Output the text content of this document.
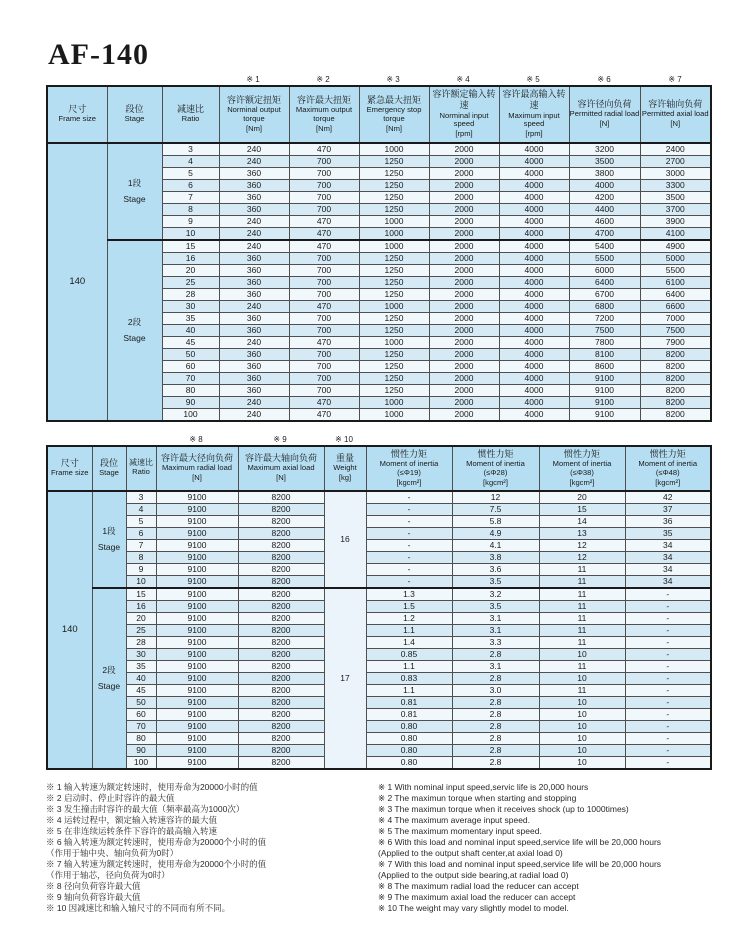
AF-140
※ 1	※ 2	※ 3	※ 4	※ 5	※ 6	※ 7
尺寸
Frame size

段位
Stage

减速比
Ratio

容许额定扭矩
Norminal output torque
[Nm]

容许最大扭矩
Maximum output torque
[Nm]

紧急最大扭矩
Emergency stop torque
[Nm]

容许额定输入转速
Norminal input speed
[rpm]

容许最高输入转速
Maximum input speed
[rpm]

容许径向负荷
Permitted radial load
[N]

容许轴向负荷
Permitted axial load
[N]

140	1段
Stage	3	240	470	1000	2000	4000	3200	2400
		4	240	700	1250	2000	4000	3500	2700
		5	360	700	1250	2000	4000	3800	3000
		6	360	700	1250	2000	4000	4000	3300
		7	360	700	1250	2000	4000	4200	3500
		8	360	700	1250	2000	4000	4400	3700
		9	240	470	1000	2000	4000	4600	3900
		10	240	470	1000	2000	4000	4700	4100

	2段
Stage	15	240	470	1000	2000	4000	5400	4900
		16	360	700	1250	2000	4000	5500	5000
		20	360	700	1250	2000	4000	6000	5500
		25	360	700	1250	2000	4000	6400	6100
		28	360	700	1250	2000	4000	6700	6400
		30	240	470	1000	2000	4000	6800	6600
		35	360	700	1250	2000	4000	7200	7000
		40	360	700	1250	2000	4000	7500	7500
		45	240	470	1000	2000	4000	7800	7900
		50	360	700	1250	2000	4000	8100	8200
		60	360	700	1250	2000	4000	8600	8200
		70	360	700	1250	2000	4000	9100	8200
		80	360	700	1250	2000	4000	9100	8200
		90	240	470	1000	2000	4000	9100	8200
		100	240	470	1000	2000	4000	9100	8200
※ 8	※ 9	※ 10
尺寸
Frame size

段位
Stage

减速比
Ratio

容许最大径向负荷
Maximum radial load
[N]

容许最大轴向负荷
Maximum axial load
[N]

重量
Weight
[kg]

惯性力矩
Moment of inertia
(≤Φ19)
[kgcm²]

惯性力矩
Moment of inertia
(≤Φ28)
[kgcm²]

惯性力矩
Moment of inertia
(≤Φ38)
[kgcm²]

惯性力矩
Moment of inertia
(≤Φ48)
[kgcm²]

140	1段
Stage	3	9100	8200	16	-	12	20	42
		4	9100	8200		-	7.5	15	37
		5	9100	8200		-	5.8	14	36
		6	9100	8200		-	4.9	13	35
		7	9100	8200		-	4.1	12	34
		8	9100	8200		-	3.8	12	34
		9	9100	8200		-	3.6	11	34
		10	9100	8200		-	3.5	11	34

	2段
Stage	15	9100	8200	17	1.3	3.2	11	-
		16	9100	8200		1.5	3.5	11	-
		20	9100	8200		1.2	3.1	11	-
		25	9100	8200		1.1	3.1	11	-
		28	9100	8200		1.4	3.3	11	-
		30	9100	8200		0.85	2.8	10	-
		35	9100	8200		1.1	3.1	11	-
		40	9100	8200		0.83	2.8	10	-
		45	9100	8200		1.1	3.0	11	-
		50	9100	8200		0.81	2.8	10	-
		60	9100	8200		0.81	2.8	10	-
		70	9100	8200		0.80	2.8	10	-
		80	9100	8200		0.80	2.8	10	-
		90	9100	8200		0.80	2.8	10	-
		100	9100	8200		0.80	2.8	10	-
※ 1 输入转速为额定转速时，使用寿命为20000小时的值
※ 2 启动时、停止时容许的最大值
※ 3 发生撞击时容许的最大值（频率最高为1000次）
※ 4 运转过程中，额定输入转速容许的最大值
※ 5 在非连续运转条件下容许的最高输入转速
※ 6 输入转速为额定转速时，使用寿命为20000个小时的值
（作用于轴中央、轴向负荷为0时）
※ 7 输入转速为额定转速时，使用寿命为20000个小时的值
（作用于轴芯，径向负荷为0时）
※ 8 径向负荷容许最大值
※ 9 轴向负荷容许最大值
※ 10 因减速比和输入轴尺寸的不同而有所不同。
※ 1 With nominal input speed,servic life is 20,000 hours
※ 2 The maximun torque when starting and stopping
※ 3 The maximun torque when it receives shock (up to 1000times)
※ 4 The maximum average input speed.
※ 5 The maximum momentary input speed.
※ 6 With this load and nominal input speed,service life will be 20,000 hours
(Applied to the output shaft center,at axial load 0)
※ 7 With this load and nominal input speed,service life will be 20,000 hours
(Applied to the output side bearing,at radial load 0)
※ 8 The maximum radial load the reducer can accept
※ 9 The maximum axial load the reducer can accept
※ 10 The weight may vary slightly model to model.
